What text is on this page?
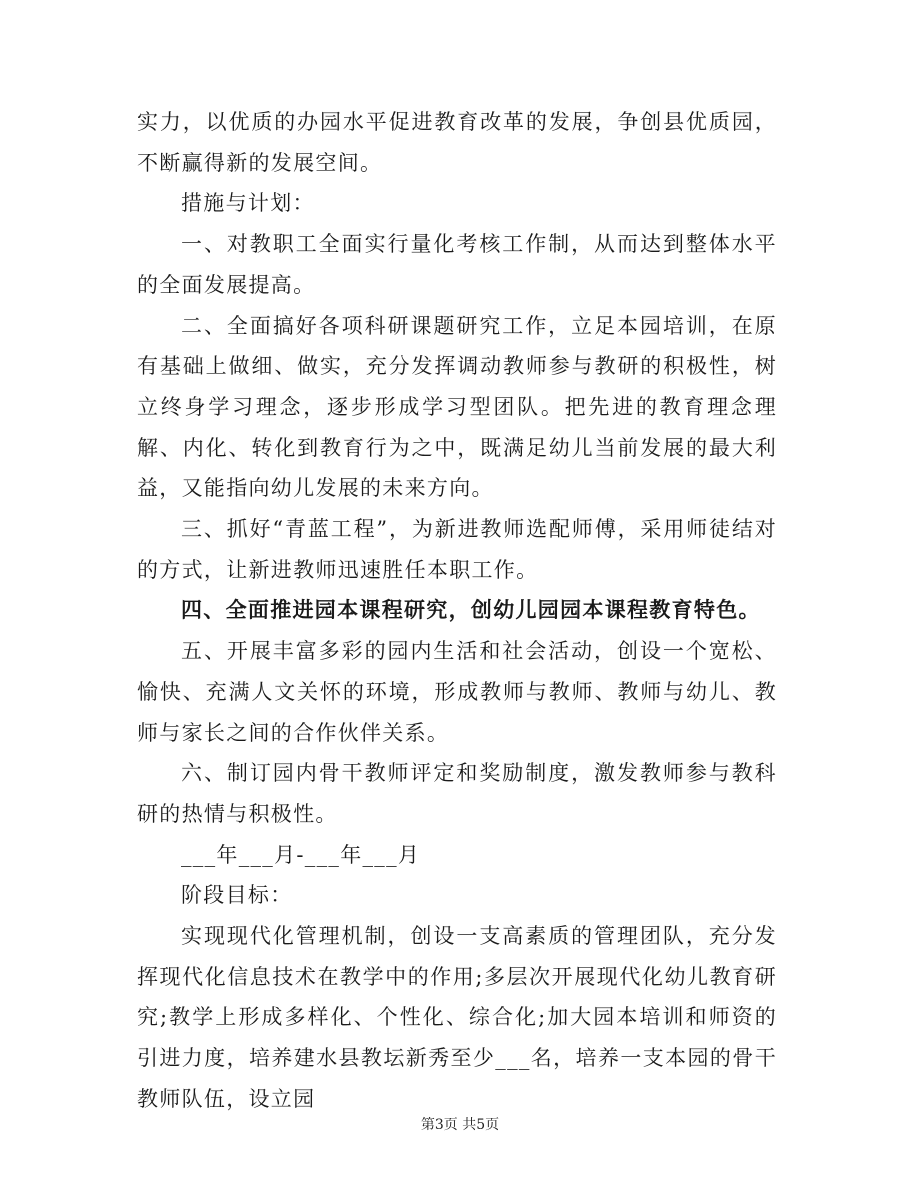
实力，以优质的办园水平促进教育改革的发展，争创县优质园，不断赢得新的发展空间。

措施与计划：

一、对教职工全面实行量化考核工作制，从而达到整体水平的全面发展提高。

二、全面搞好各项科研课题研究工作，立足本园培训，在原有基础上做细、做实，充分发挥调动教师参与教研的积极性，树立终身学习理念，逐步形成学习型团队。把先进的教育理念理解、内化、转化到教育行为之中，既满足幼儿当前发展的最大利益，又能指向幼儿发展的未来方向。

三、抓好“青蓝工程”，为新进教师选配师傅，采用师徒结对的方式，让新进教师迅速胜任本职工作。

四、全面推进园本课程研究，创幼儿园园本课程教育特色。

五、开展丰富多彩的园内生活和社会活动，创设一个宽松、愉快、充满人文关怀的环境，形成教师与教师、教师与幼儿、教师与家长之间的合作伙伴关系。

六、制订园内骨干教师评定和奖励制度，激发教师参与教科研的热情与积极性。

___年___月-___年___月

阶段目标：

实现现代化管理机制，创设一支高素质的管理团队，充分发挥现代化信息技术在教学中的作用;多层次开展现代化幼儿教育研究;教学上形成多样化、个性化、综合化;加大园本培训和师资的引进力度，培养建水县教坛新秀至少___名，培养一支本园的骨干教师队伍，设立园

第3页 共5页
